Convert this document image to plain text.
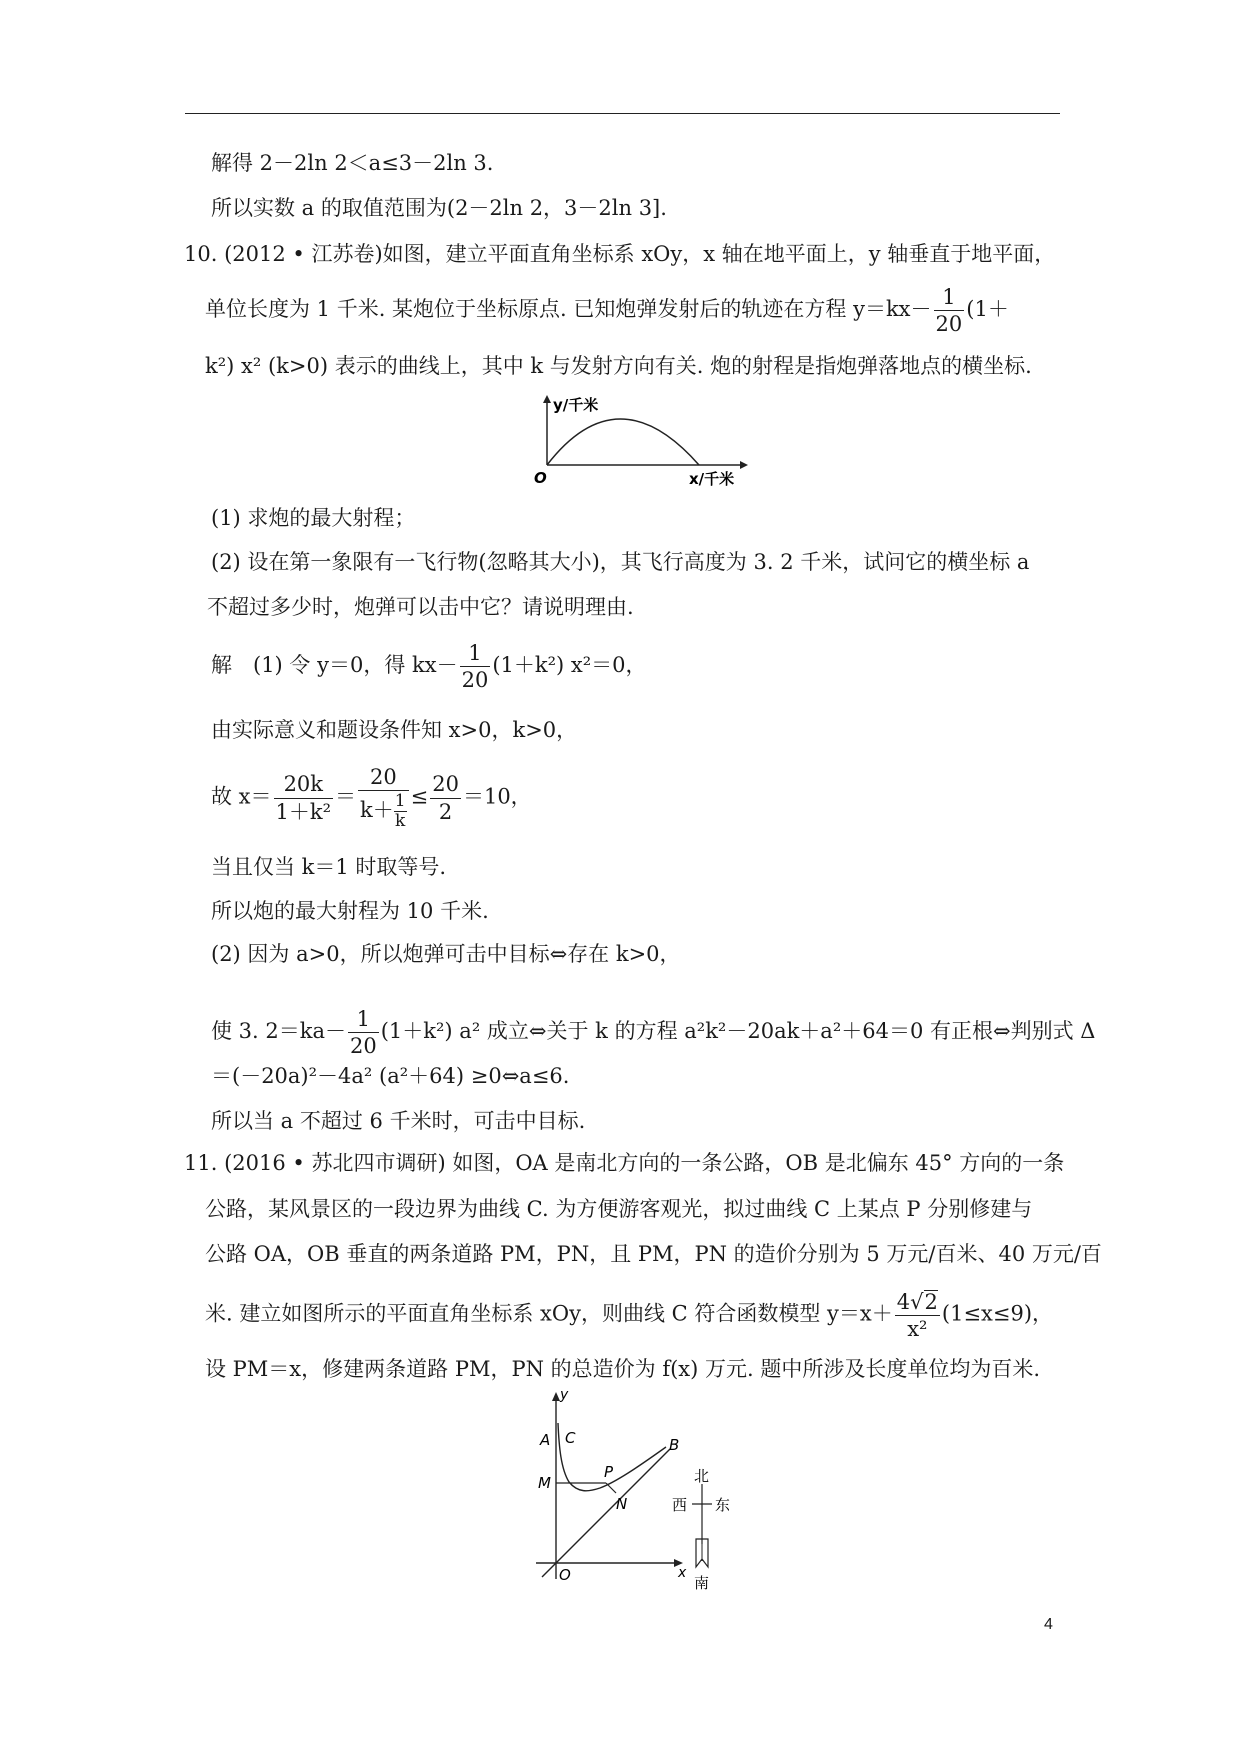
解得 2－2ln 2＜a≤3－2ln 3.
所以实数 a 的取值范围为(2－2ln 2，3－2ln 3].
10. (2012 • 江苏卷)如图，建立平面直角坐标系 xOy，x 轴在地平面上，y 轴垂直于地平面，
单位长度为 1 千米. 某炮位于坐标原点. 已知炮弹发射后的轨迹在方程 $y=kx- \frac{1}{20} (1+$
k²) x² (k>0) 表示的曲线上，其中 k 与发射方向有关. 炮的射程是指炮弹落地点的横坐标.
y/千米
O	x/千米
(1) 求炮的最大射程；
(2) 设在第一象限有一飞行物(忽略其大小)，其飞行高度为 3. 2 千米，试问它的横坐标 a
不超过多少时，炮弹可以击中它？请说明理由.
解　(1) 令 y＝0，得 $kx- \frac{1}{20} (1+k^2)$ x²＝0，
由实际意义和题设条件知 x>0，k>0，
故 $x= \frac{20k}{\text{1＋k²}} = \frac{20}{k+ \frac{1}{k}} \le \frac{20}{2} =10$，
当且仅当 k＝1 时取等号.
所以炮的最大射程为 10 千米.
(2) 因为 a>0，所以炮弹可击中目标⇔存在 k>0，
使 3. $2=ka- \frac{1}{20} (1+k^2)$ a² 成立⇔关于 k 的方程 a²k²－20ak＋a²＋64＝0 有正根⇔判别式 Δ
＝(－20a)²－4a² (a²＋64) ≥0⇔a≤6.
所以当 a 不超过 6 千米时，可击中目标.
11. (2016 • 苏北四市调研) 如图，OA 是南北方向的一条公路，OB 是北偏东 45° 方向的一条
公路，某风景区的一段边界为曲线 C. 为方便游客观光，拟过曲线 C 上某点 P 分别修建与
公路 OA，OB 垂直的两条道路 PM，PN，且 PM，PN 的造价分别为 5 万元/百米、40 万元/百
米. 建立如图所示的平面直角坐标系 xOy，则曲线 C 符合函数模型 $y=x+ \frac{4√2}{\text{x²}} (1\le x\le 9)$，
设 PM＝x，修建两条道路 PM，PN 的总造价为 f(x) 万元. 题中所涉及长度单位均为百米.
y
x
A C	B
M
P
N
O
北
西 东
南
4
